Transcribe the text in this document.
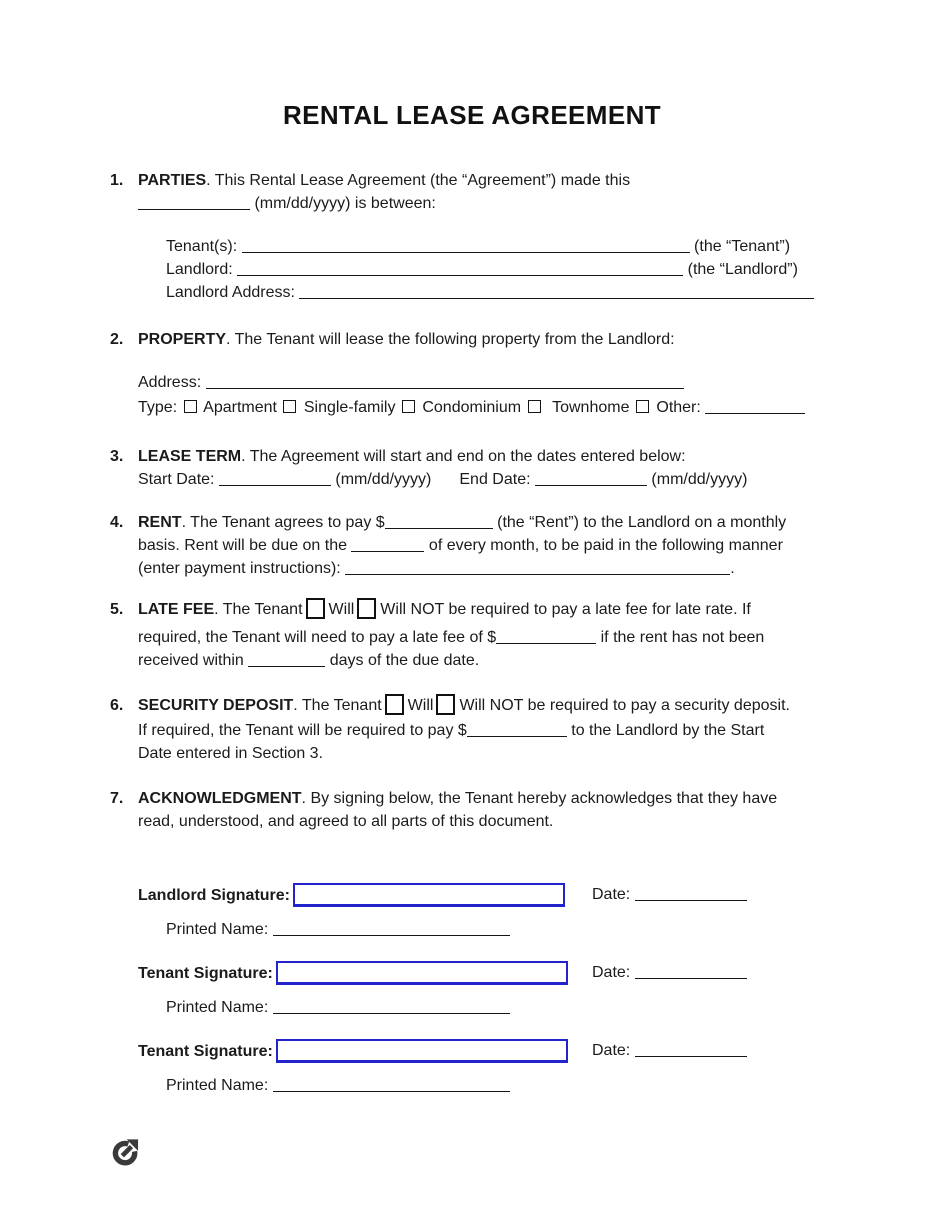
RENTAL LEASE AGREEMENT
1. PARTIES. This Rental Lease Agreement (the “Agreement”) made this
(mm/dd/yyyy) is between:
Tenant(s):	(the “Tenant”)
Landlord:	(the “Landlord”)
Landlord Address:
2. PROPERTY. The Tenant will lease the following property from the Landlord:
Address:
Type:  Apartment  Single-family  Condominium   Townhome  Other:
3. LEASE TERM. The Agreement will start and end on the dates entered below:
Start Date:	(mm/dd/yyyy) End Date:	(mm/dd/yyyy)
4. RENT. The Tenant agrees to pay $	(the “Rent”) to the Landlord on a monthly
basis. Rent will be due on the	of every month, to be paid in the following manner
(enter payment instructions):	.
5. LATE FEE. The Tenant Will Will NOT be required to pay a late fee for late rate. If
required, the Tenant will need to pay a late fee of $	if the rent has not been
received within	days of the due date.
6. SECURITY DEPOSIT. The Tenant Will Will NOT be required to pay a security deposit.
If required, the Tenant will be required to pay $	to the Landlord by the Start
Date entered in Section 3.
7. ACKNOWLEDGMENT. By signing below, the Tenant hereby acknowledges that they have
read, understood, and agreed to all parts of this document.
Landlord Signature:	Date:
Printed Name:
Tenant Signature:	Date:
Printed Name:
Tenant Signature:	Date:
Printed Name:
